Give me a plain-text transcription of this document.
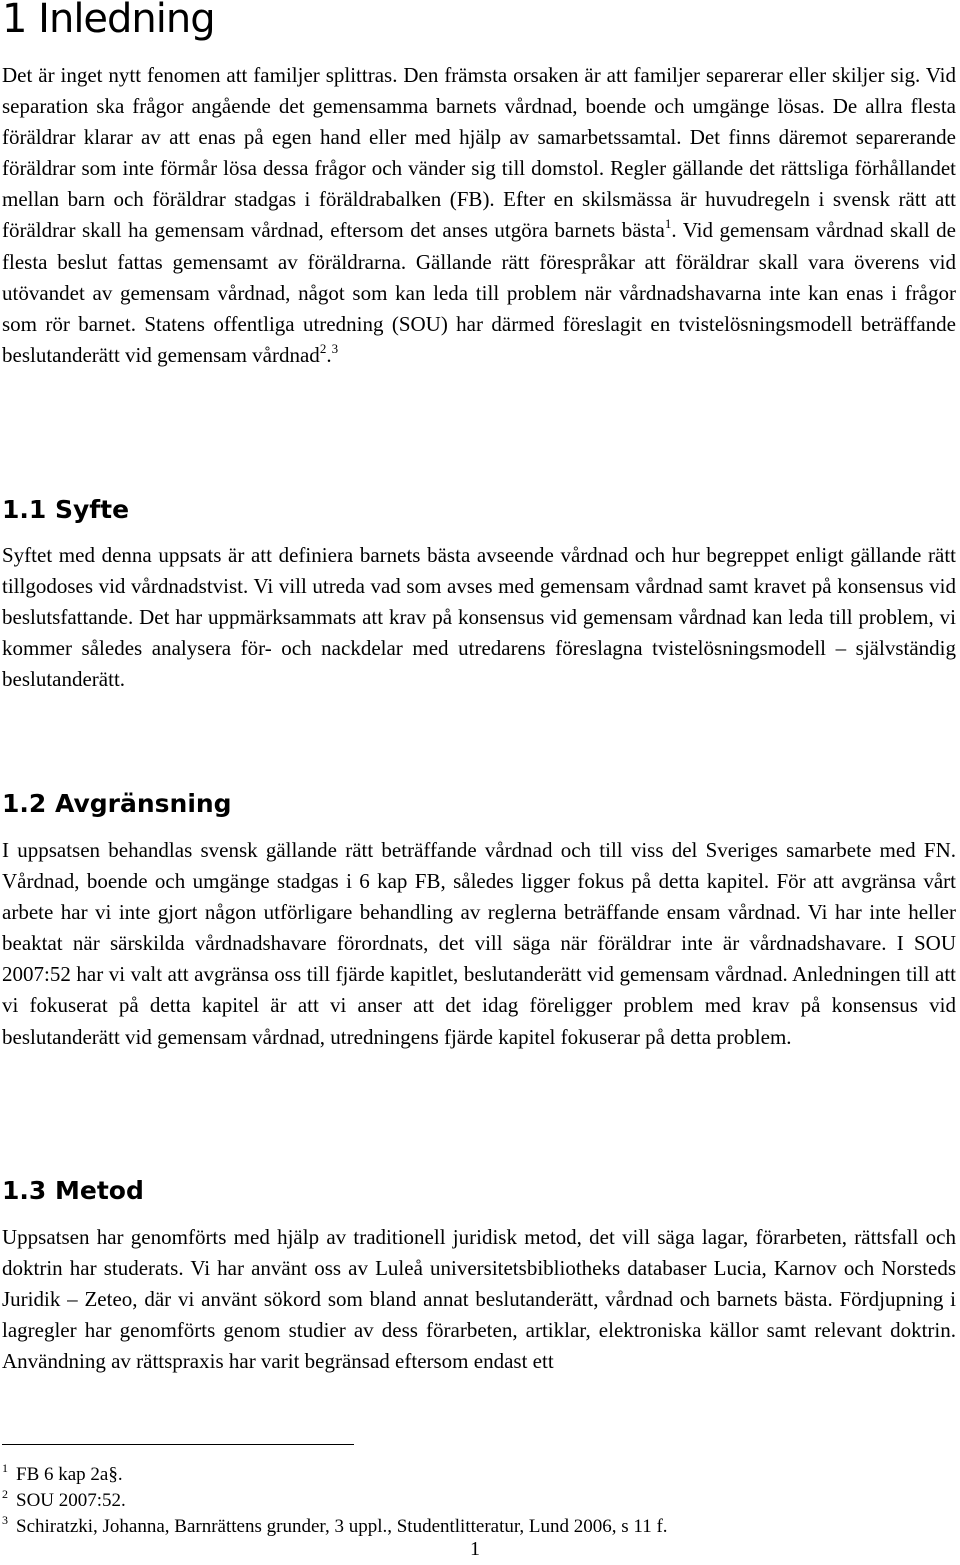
1 Inledning

Det är inget nytt fenomen att familjer splittras. Den främsta orsaken är att familjer separerar eller skiljer sig. Vid separation ska frågor angående det gemensamma barnets vårdnad, boende och umgänge lösas. De allra flesta föräldrar klarar av att enas på egen hand eller med hjälp av samarbetssamtal. Det finns däremot separerande föräldrar som inte förmår lösa dessa frågor och vänder sig till domstol. Regler gällande det rättsliga förhållandet mellan barn och föräldrar stadgas i föräldrabalken (FB). Efter en skilsmässa är huvudregeln i svensk rätt att föräldrar skall ha gemensam vårdnad, eftersom det anses utgöra barnets bästa$^1$. Vid gemensam vårdnad skall de flesta beslut fattas gemensamt av föräldrarna. Gällande rätt förespråkar att föräldrar skall vara överens vid utövandet av gemensam vårdnad, något som kan leda till problem när vårdnadshavarna inte kan enas i frågor som rör barnet. Statens offentliga utredning (SOU) har därmed föreslagit en tvistelösningsmodell beträffande beslutanderätt vid gemensam vårdnad$^2$.$^3$

1.1 Syfte

Syftet med denna uppsats är att definiera barnets bästa avseende vårdnad och hur begreppet enligt gällande rätt tillgodoses vid vårdnadstvist. Vi vill utreda vad som avses med gemensam vårdnad samt kravet på konsensus vid beslutsfattande. Det har uppmärksammats att krav på konsensus vid gemensam vårdnad kan leda till problem, vi kommer således analysera för- och nackdelar med utredarens föreslagna tvistelösningsmodell – självständig beslutanderätt.

1.2 Avgränsning

I uppsatsen behandlas svensk gällande rätt beträffande vårdnad och till viss del Sveriges samarbete med FN. Vårdnad, boende och umgänge stadgas i 6 kap FB, således ligger fokus på detta kapitel. För att avgränsa vårt arbete har vi inte gjort någon utförligare behandling av reglerna beträffande ensam vårdnad. Vi har inte heller beaktat när särskilda vårdnadshavare förordnats, det vill säga när föräldrar inte är vårdnadshavare. I SOU 2007:52 har vi valt att avgränsa oss till fjärde kapitlet, beslutanderätt vid gemensam vårdnad. Anledningen till att vi fokuserat på detta kapitel är att vi anser att det idag föreligger problem med krav på konsensus vid beslutanderätt vid gemensam vårdnad, utredningens fjärde kapitel fokuserar på detta problem.

1.3 Metod

Uppsatsen har genomförts med hjälp av traditionell juridisk metod, det vill säga lagar, förarbeten, rättsfall och doktrin har studerats. Vi har använt oss av Luleå universitetsbibliotheks databaser Lucia, Karnov och Norsteds Juridik – Zeteo, där vi använt sökord som bland annat beslutanderätt, vårdnad och barnets bästa. Fördjupning i lagregler har genomförts genom studier av dess förarbeten, artiklar, elektroniska källor samt relevant doktrin. Användning av rättspraxis har varit begränsad eftersom endast ett

$^1$ FB 6 kap 2a§.
$^2$ SOU 2007:52.
$^3$ Schiratzki, Johanna, Barnrättens grunder, 3 uppl., Studentlitteratur, Lund 2006, s 11 f.
1
